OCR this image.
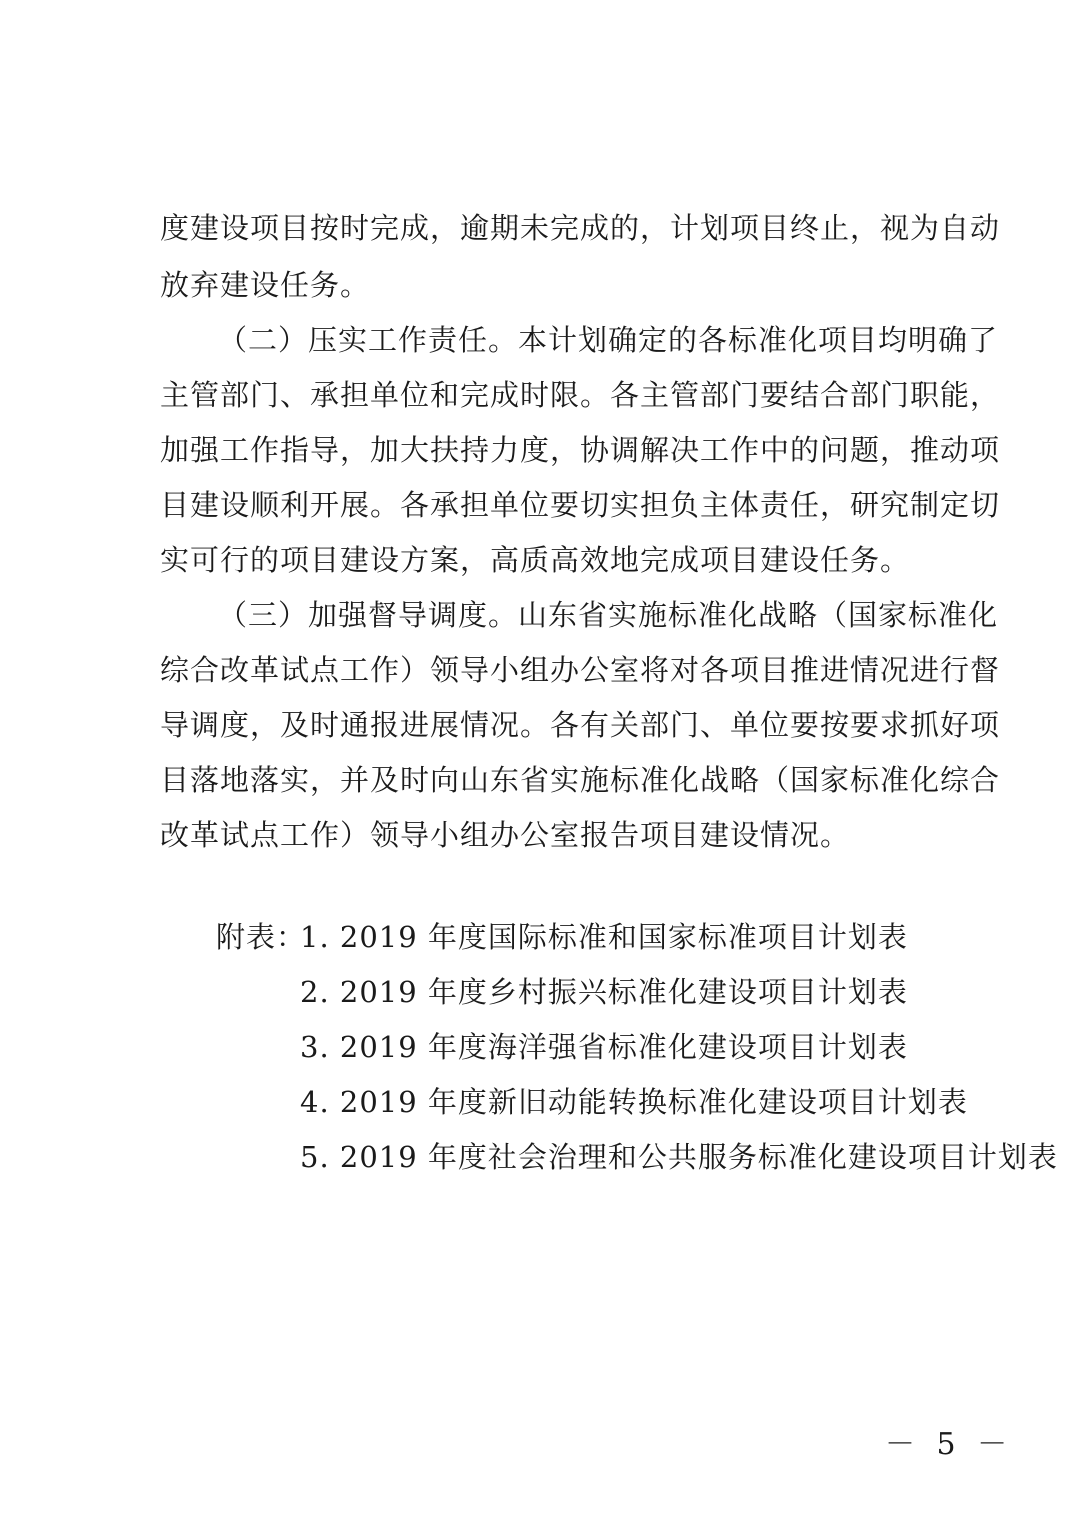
度建设项目按时完成，逾期未完成的，计划项目终止，视为自动
放弃建设任务。
（二）压实工作责任。本计划确定的各标准化项目均明确了
主管部门、承担单位和完成时限。各主管部门要结合部门职能，
加强工作指导，加大扶持力度，协调解决工作中的问题，推动项
目建设顺利开展。各承担单位要切实担负主体责任，研究制定切
实可行的项目建设方案，高质高效地完成项目建设任务。
（三）加强督导调度。山东省实施标准化战略（国家标准化
综合改革试点工作）领导小组办公室将对各项目推进情况进行督
导调度，及时通报进展情况。各有关部门、单位要按要求抓好项
目落地落实，并及时向山东省实施标准化战略（国家标准化综合
改革试点工作）领导小组办公室报告项目建设情况。
附表：
1. 2019 年度国际标准和国家标准项目计划表
2. 2019 年度乡村振兴标准化建设项目计划表
3. 2019 年度海洋强省标准化建设项目计划表
4. 2019 年度新旧动能转换标准化建设项目计划表
5. 2019 年度社会治理和公共服务标准化建设项目计划表
－ 5 －
